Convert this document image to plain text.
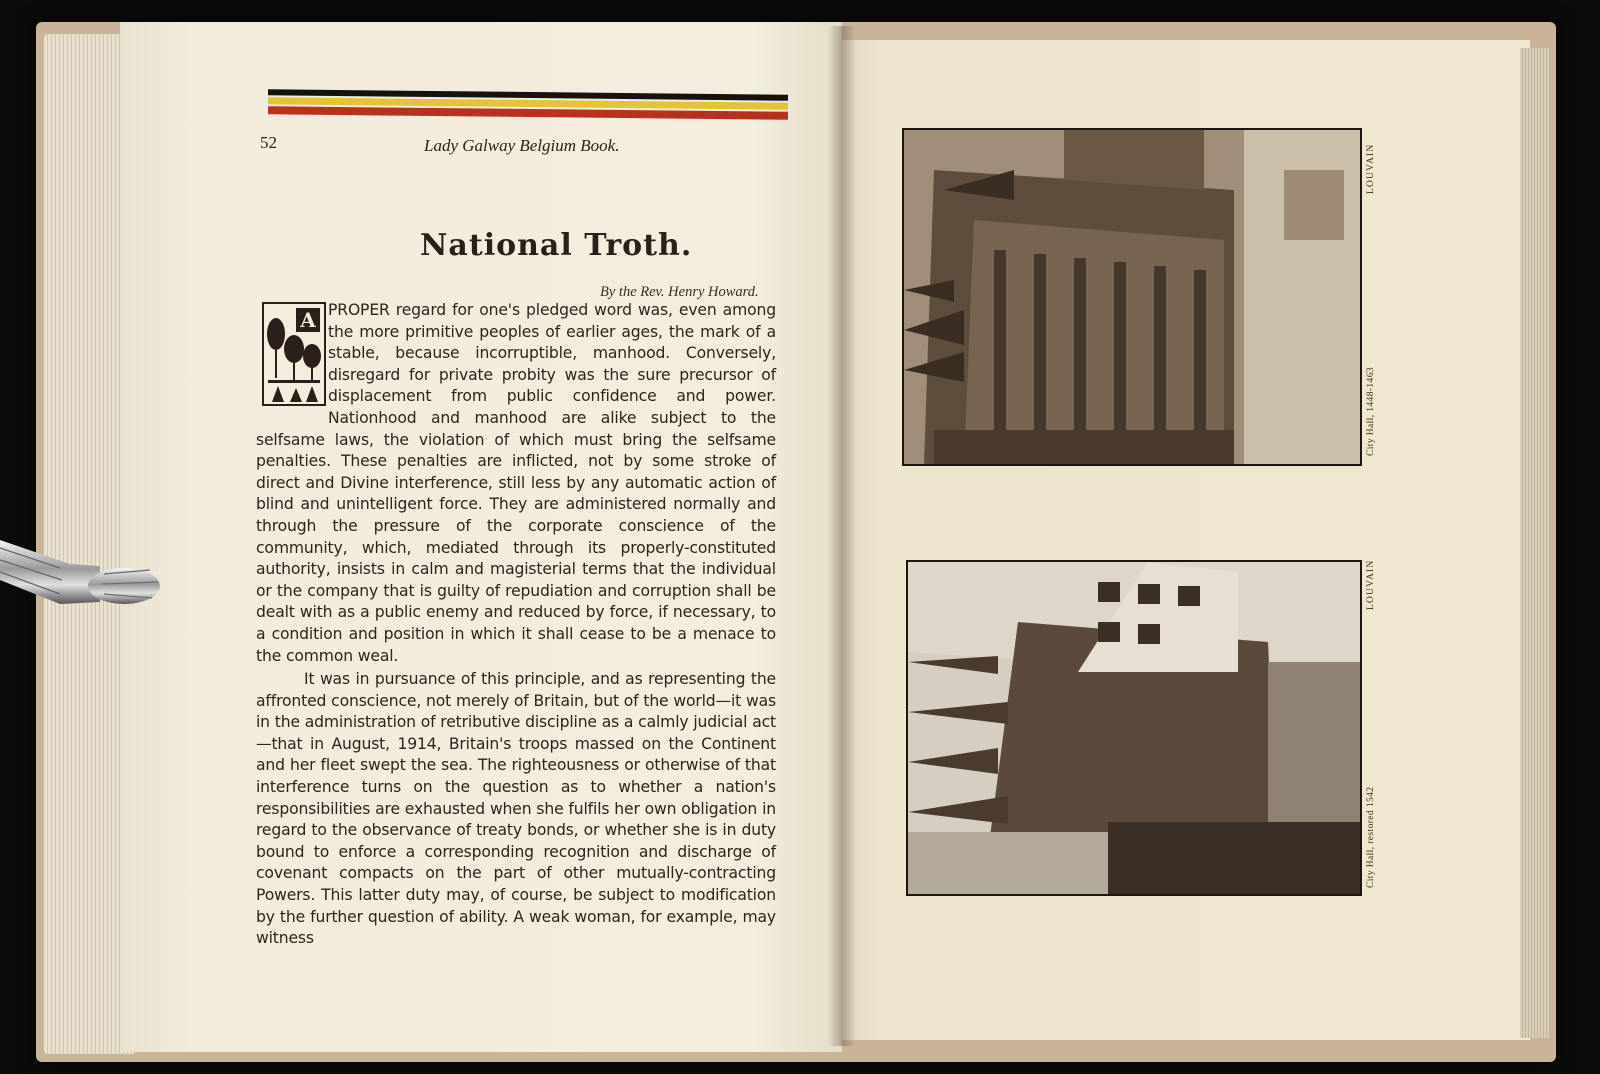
52	Lady Galway Belgium Book.
National Troth.
By the Rev. Henry Howard.

PROPER regard for one's pledged word was, even among the more primitive peoples of earlier ages, the mark of a stable, because incorruptible, manhood. Conversely, disregard for private probity was the sure precursor of displacement from public confidence and power. Nationhood and manhood are alike subject to the selfsame laws, the violation of which must bring the selfsame penalties. These penalties are inflicted, not by some stroke of direct and Divine interference, still less by any automatic action of blind and unintelligent force. They are administered normally and through the pressure of the corporate conscience of the community, which, mediated through its properly-constituted authority, insists in calm and magisterial terms that the individual or the company that is guilty of repudiation and corruption shall be dealt with as a public enemy and reduced by force, if necessary, to a condition and position in which it shall cease to be a menace to the common weal.

It was in pursuance of this principle, and as representing the affronted conscience, not merely of Britain, but of the world—it was in the administration of retributive discipline as a calmly judicial act—that in August, 1914, Britain's troops massed on the Continent and her fleet swept the sea. The righteousness or otherwise of that interference turns on the question as to whether a nation's responsibilities are exhausted when she fulfils her own obligation in regard to the observance of treaty bonds, or whether she is in duty bound to enforce a corresponding recognition and discharge of covenant compacts on the part of other mutually-contracting Powers. This latter duty may, of course, be subject to modification by the further question of ability. A weak woman, for example, may witness

A
LOUVAIN
City Hall, 1448-1463
LOUVAIN
City Hall, restored 1542
